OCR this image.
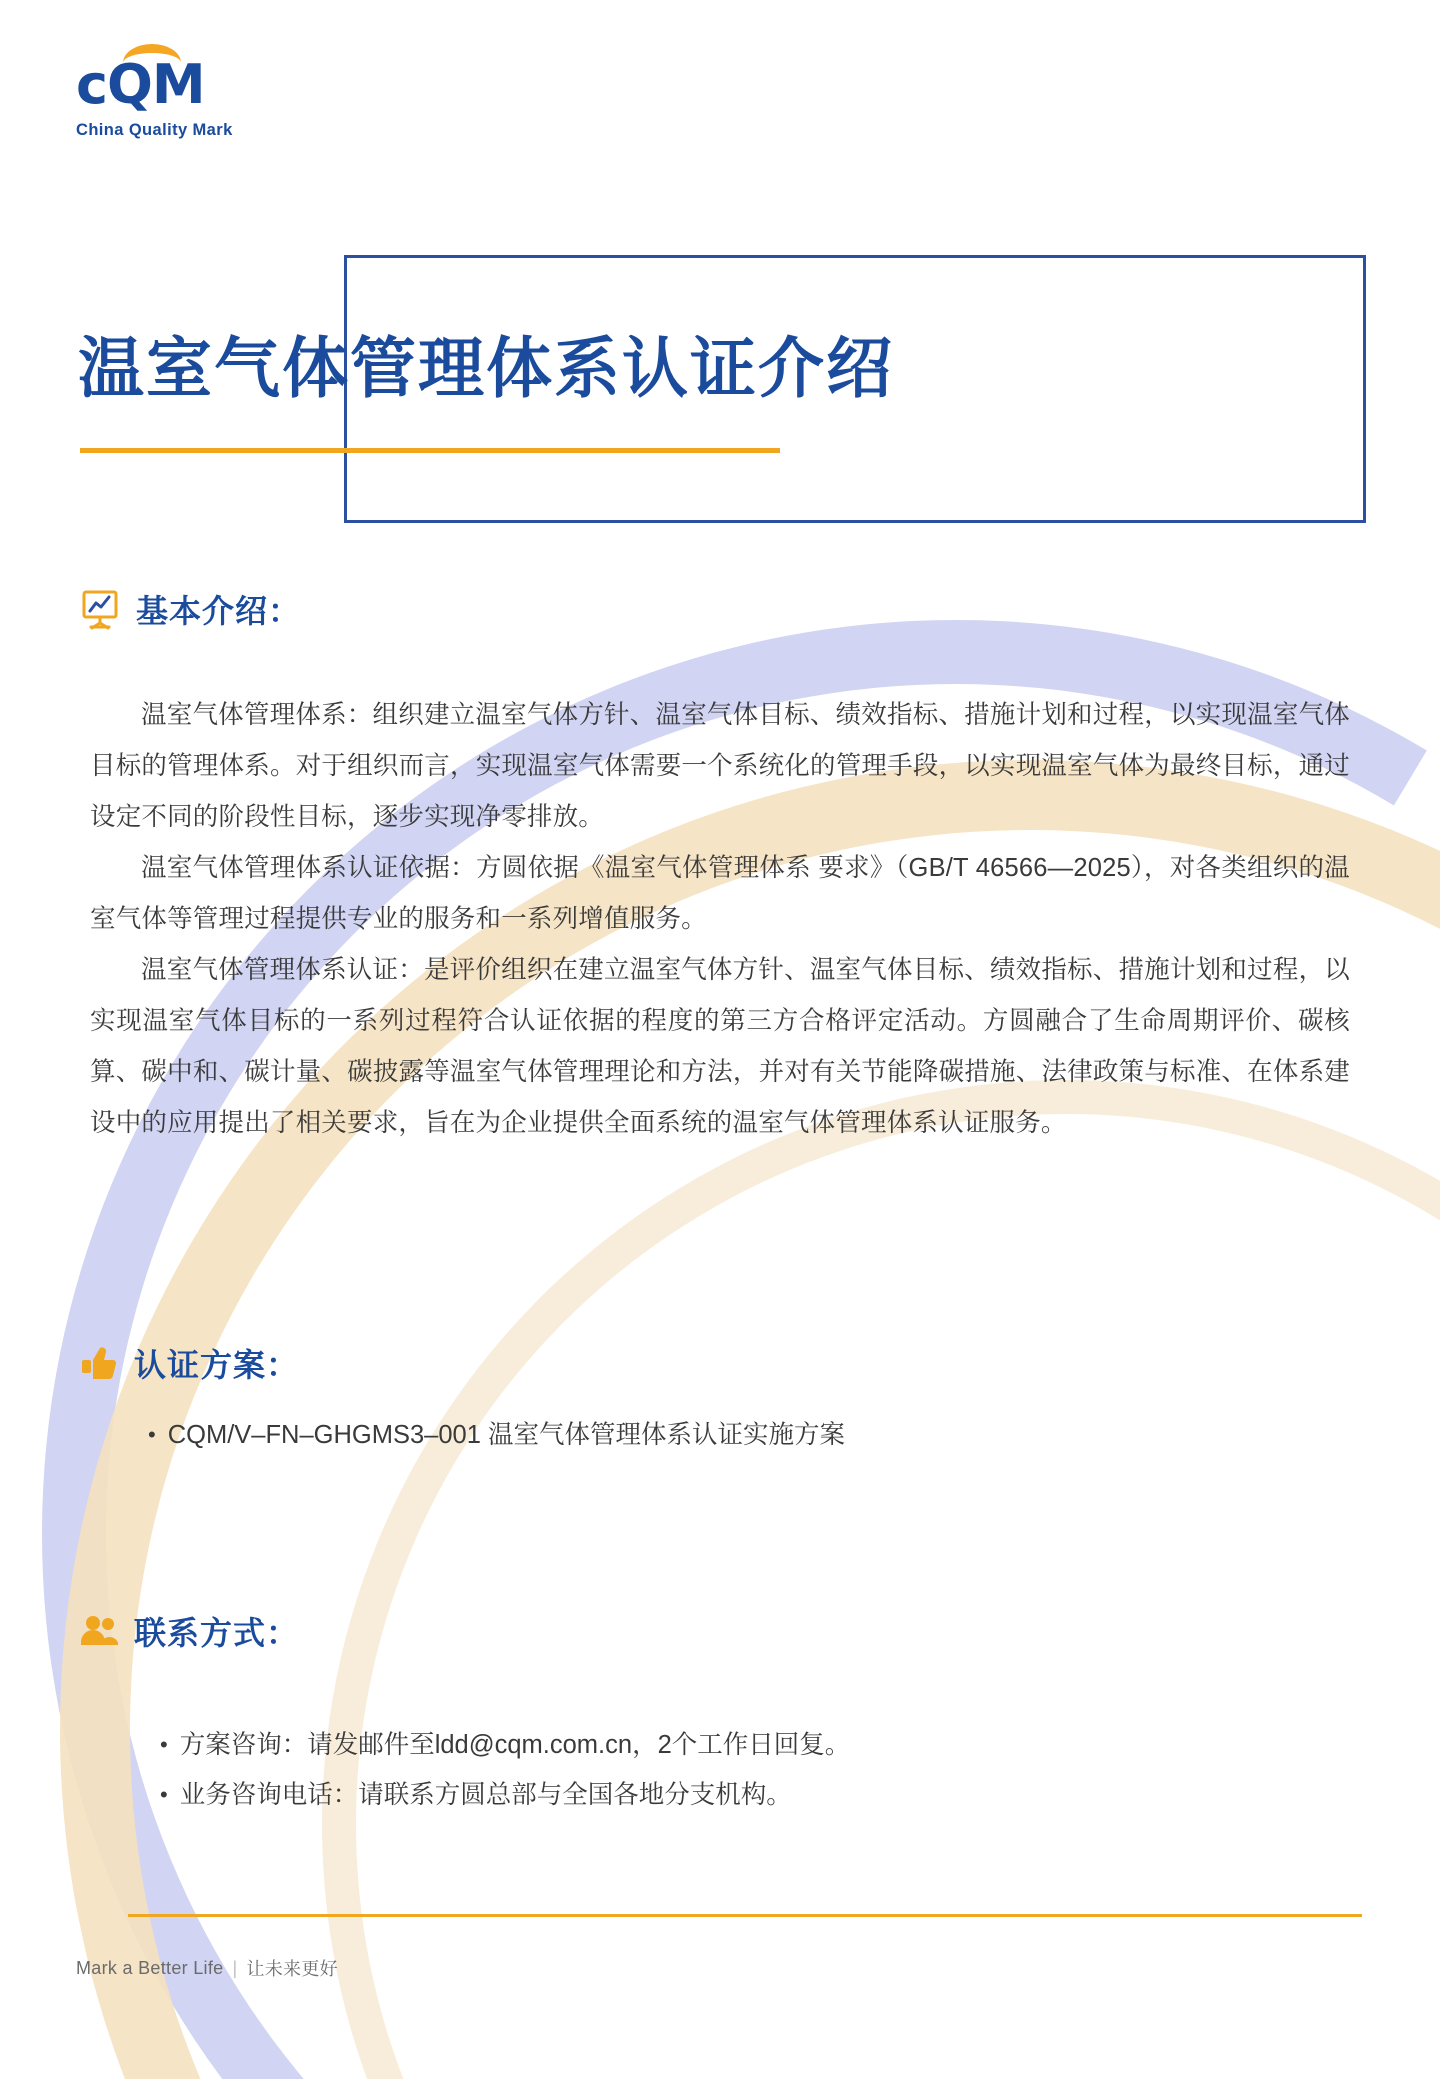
cQM
China Quality Mark
温室气体管理体系认证介绍
基本介绍：

温室气体管理体系：组织建立温室气体方针、温室气体目标、绩效指标、措施计划和过程，以实现温室气体目标的管理体系。对于组织而言，实现温室气体需要一个系统化的管理手段，以实现温室气体为最终目标，通过设定不同的阶段性目标，逐步实现净零排放。

温室气体管理体系认证依据：方圆依据《温室气体管理体系 要求》（GB/T 46566—2025），对各类组织的温室气体等管理过程提供专业的服务和一系列增值服务。

温室气体管理体系认证：是评价组织在建立温室气体方针、温室气体目标、绩效指标、措施计划和过程，以实现温室气体目标的一系列过程符合认证依据的程度的第三方合格评定活动。方圆融合了生命周期评价、碳核算、碳中和、碳计量、碳披露等温室气体管理理论和方法，并对有关节能降碳措施、法律政策与标准、在体系建设中的应用提出了相关要求，旨在为企业提供全面系统的温室气体管理体系认证服务。

认证方案：
• CQM/V–FN–GHGMS3–001 温室气体管理体系认证实施方案
联系方式：
• 方案咨询：请发邮件至ldd@cqm.com.cn，2个工作日回复。
• 业务咨询电话：请联系方圆总部与全国各地分支机构。
Mark a Better Life | 让未来更好
